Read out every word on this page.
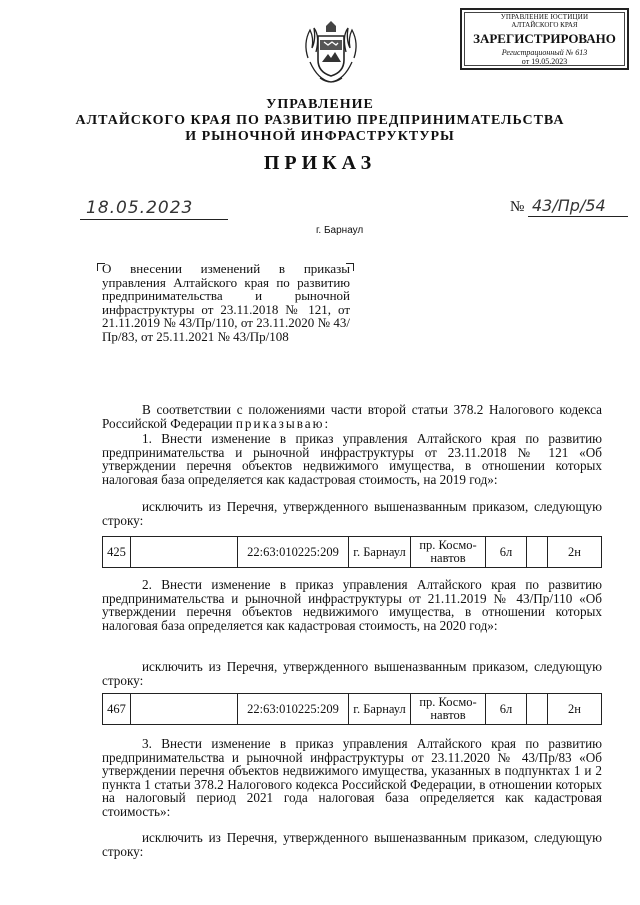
УПРАВЛЕНИЕ ЮСТИЦИИ
АЛТАЙСКОГО КРАЯ
ЗАРЕГИСТРИРОВАНО
Регистрационный № 613
от 19.05.2023
УПРАВЛЕНИЕ
АЛТАЙСКОГО КРАЯ ПО РАЗВИТИЮ ПРЕДПРИНИМАТЕЛЬСТВА
И РЫНОЧНОЙ ИНФРАСТРУКТУРЫ
ПРИКАЗ
18.05.2023	№ 43/Пр/54
г. Барнаул
О внесении изменений в приказы управления Алтайского края по развитию предпринимательства и рыночной инфраструктуры от 23.11.2018 № 121, от 21.11.2019 № 43/Пр/110, от 23.11.2020 № 43/Пр/83, от 25.11.2021 № 43/Пр/108
В соответствии с положениями части второй статьи 378.2 Налогового кодекса Российской Федерации приказываю:
1. Внести изменение в приказ управления Алтайского края по развитию предпринимательства и рыночной инфраструктуры от 23.11.2018 № 121 «Об утверждении перечня объектов недвижимого имущества, в отношении которых налоговая база определяется как кадастровая стоимость, на 2019 год»:
исключить из Перечня, утвержденного вышеназванным приказом, следующую строку:
425		22:63:010225:209	г. Барнаул	пр. Космо-навтов	6л		2н
2. Внести изменение в приказ управления Алтайского края по развитию предпринимательства и рыночной инфраструктуры от 21.11.2019 № 43/Пр/110 «Об утверждении перечня объектов недвижимого имущества, в отношении которых налоговая база определяется как кадастровая стоимость, на 2020 год»:
исключить из Перечня, утвержденного вышеназванным приказом, следующую строку:
467		22:63:010225:209	г. Барнаул	пр. Космо-навтов	6л		2н
3. Внести изменение в приказ управления Алтайского края по развитию предпринимательства и рыночной инфраструктуры от 23.11.2020 № 43/Пр/83 «Об утверждении перечня объектов недвижимого имущества, указанных в подпунктах 1 и 2 пункта 1 статьи 378.2 Налогового кодекса Российской Федерации, в отношении которых на налоговый период 2021 года налоговая база определяется как кадастровая стоимость»:
исключить из Перечня, утвержденного вышеназванным приказом, следующую строку:
